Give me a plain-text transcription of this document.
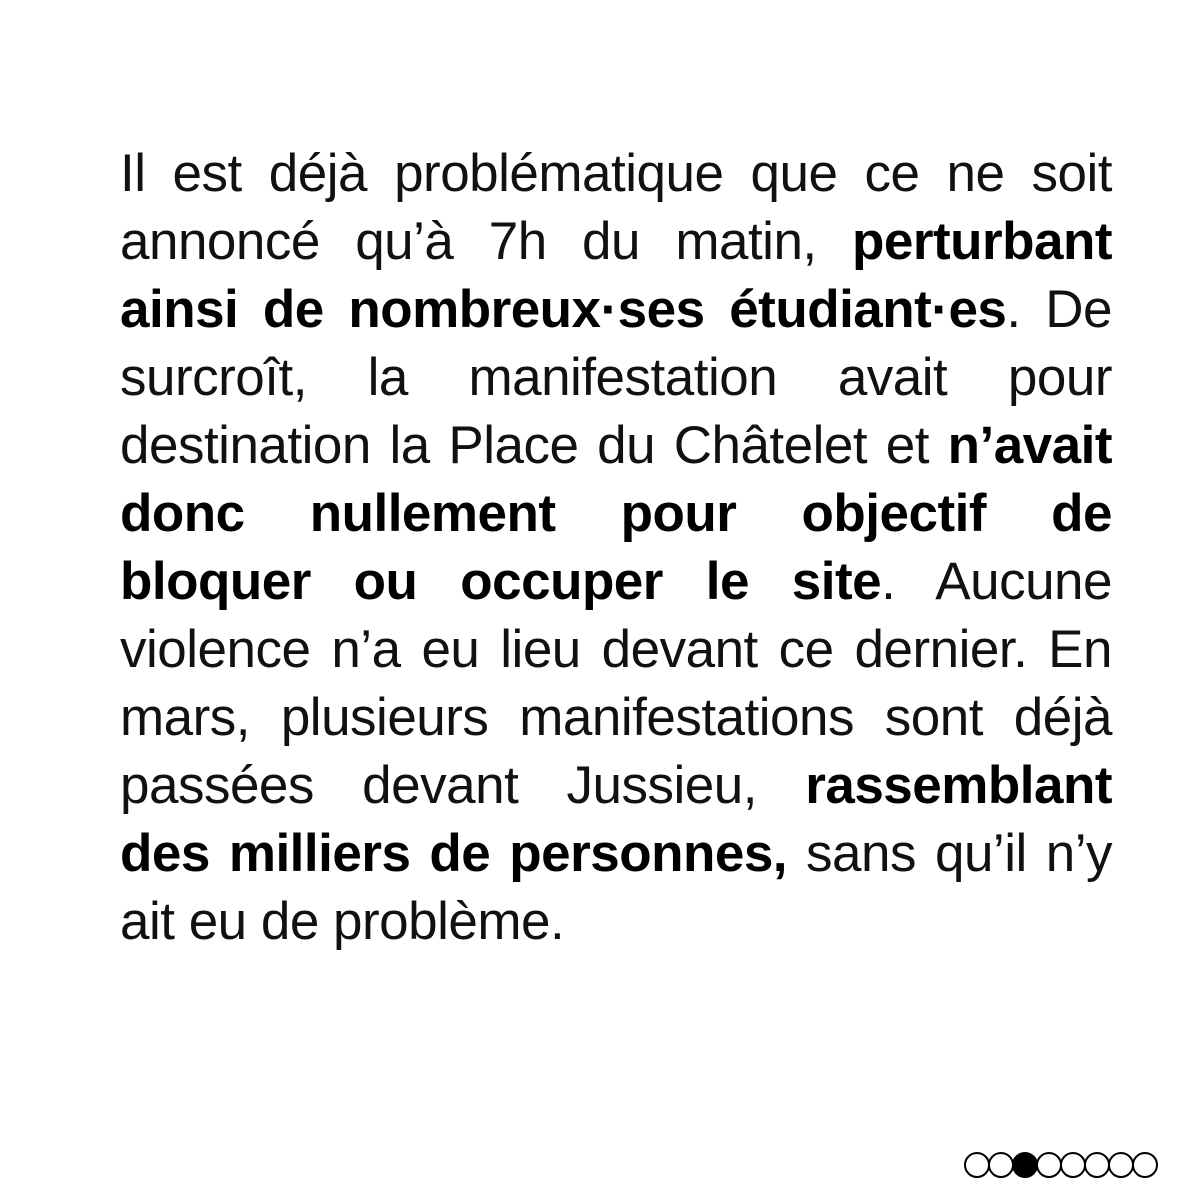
Il est déjà problématique que ce ne soit annoncé qu’à 7h du matin, perturbant ainsi de nombreux·ses étudiant·es. De surcroît, la manifestation avait pour destination la Place du Châtelet et n’avait donc nullement pour objectif de bloquer ou occuper le site. Aucune violence n’a eu lieu devant ce dernier. En mars, plusieurs manifestations sont déjà passées devant Jussieu, rassemblant des milliers de personnes, sans qu’il n’y ait eu de problème.
